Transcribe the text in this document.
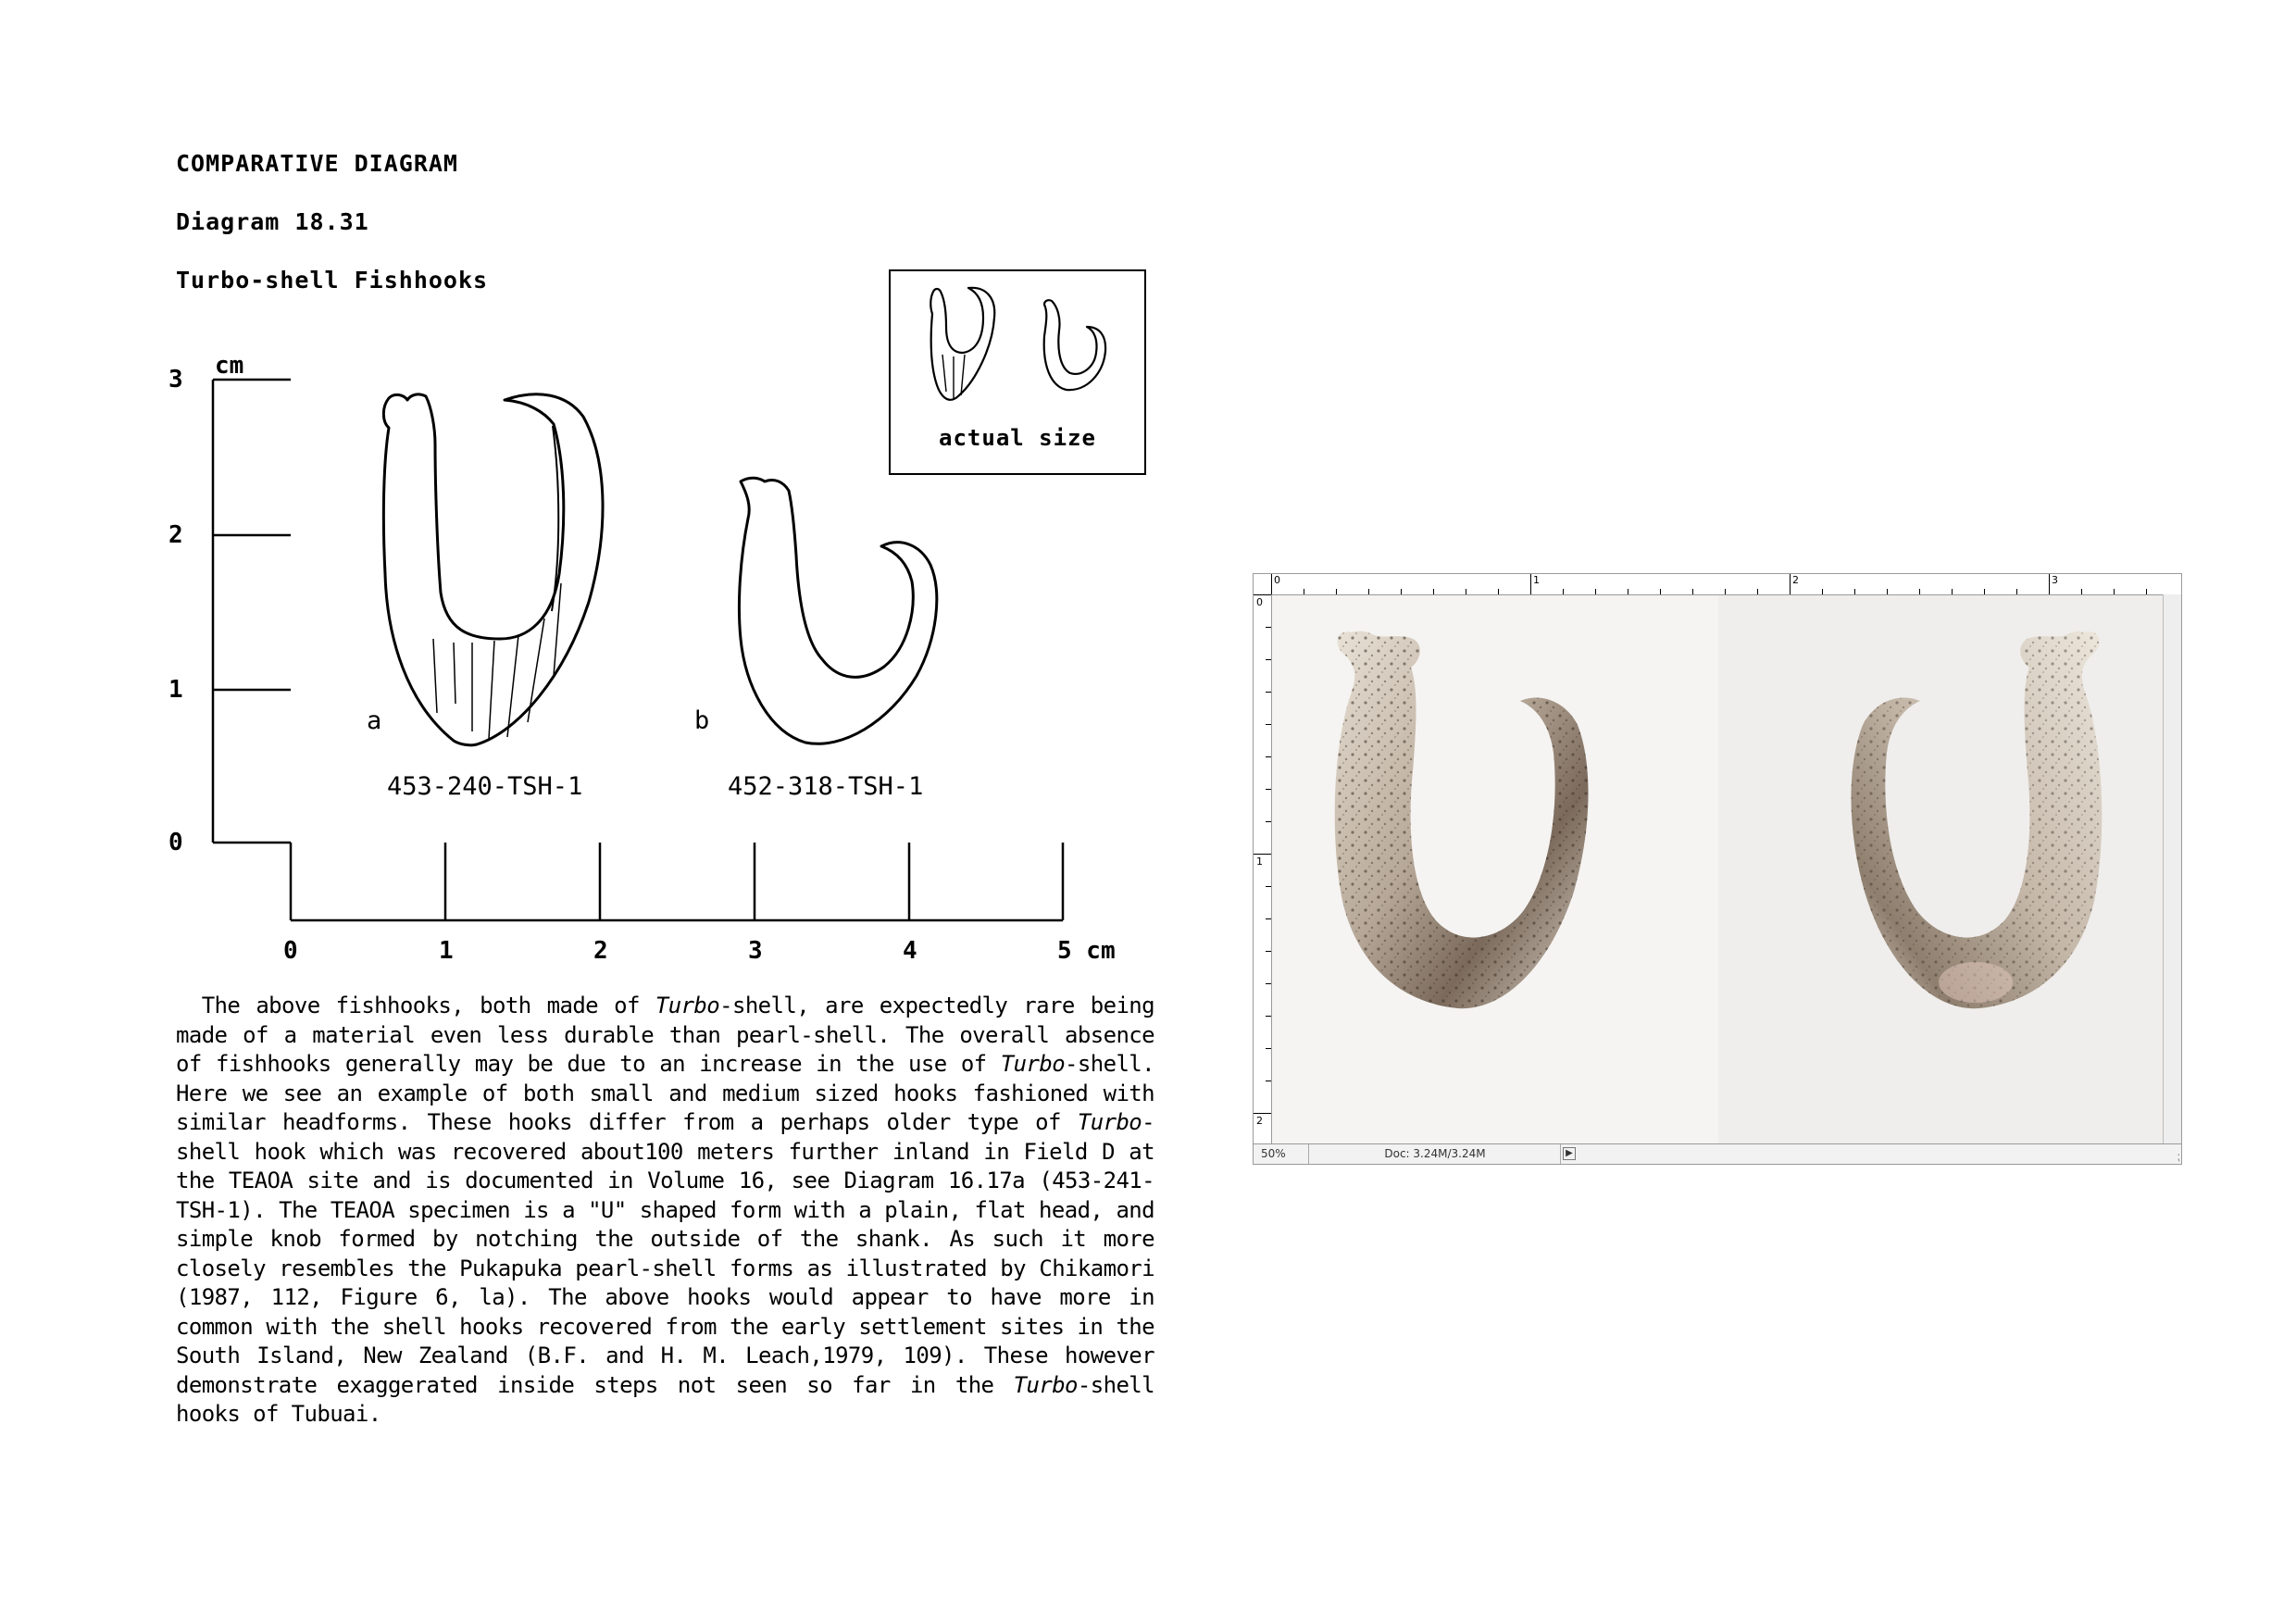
COMPARATIVE DIAGRAM

Diagram 18.31

Turbo-shell Fishhooks

cm
3
2
1
0
0	1	2	3	4	5 cm
a
453-240-TSH-1
b
452-318-TSH-1
actual size

  The above fishhooks, both made of Turbo-shell, are expectedly rare being made of a material even less durable than pearl-shell. The overall absence of fishhooks generally may be due to an increase in the use of Turbo-shell. Here we see an example of both small and medium sized hooks fashioned with similar headforms. These hooks differ from a perhaps older type of Turbo-shell hook which was recovered about100 meters further inland in Field D at the TEAOA site and is documented in Volume 16, see Diagram 16.17a (453-241-TSH-1). The TEAOA specimen is a "U" shaped form with a plain, flat head, and simple knob formed by notching the outside of the shank. As such it more closely resembles the Pukapuka pearl-shell forms as illustrated by Chikamori (1987, 112, Figure 6, la). The above hooks would appear to have more in common with the shell hooks recovered from the early settlement sites in the South Island, New Zealand (B.F. and H. M. Leach,1979, 109). These however demonstrate exaggerated inside steps not seen so far in the Turbo-shell hooks of Tubuai.

0	1	2	3
0
1
2
50%	Doc: 3.24M/3.24M	▶	⁏
